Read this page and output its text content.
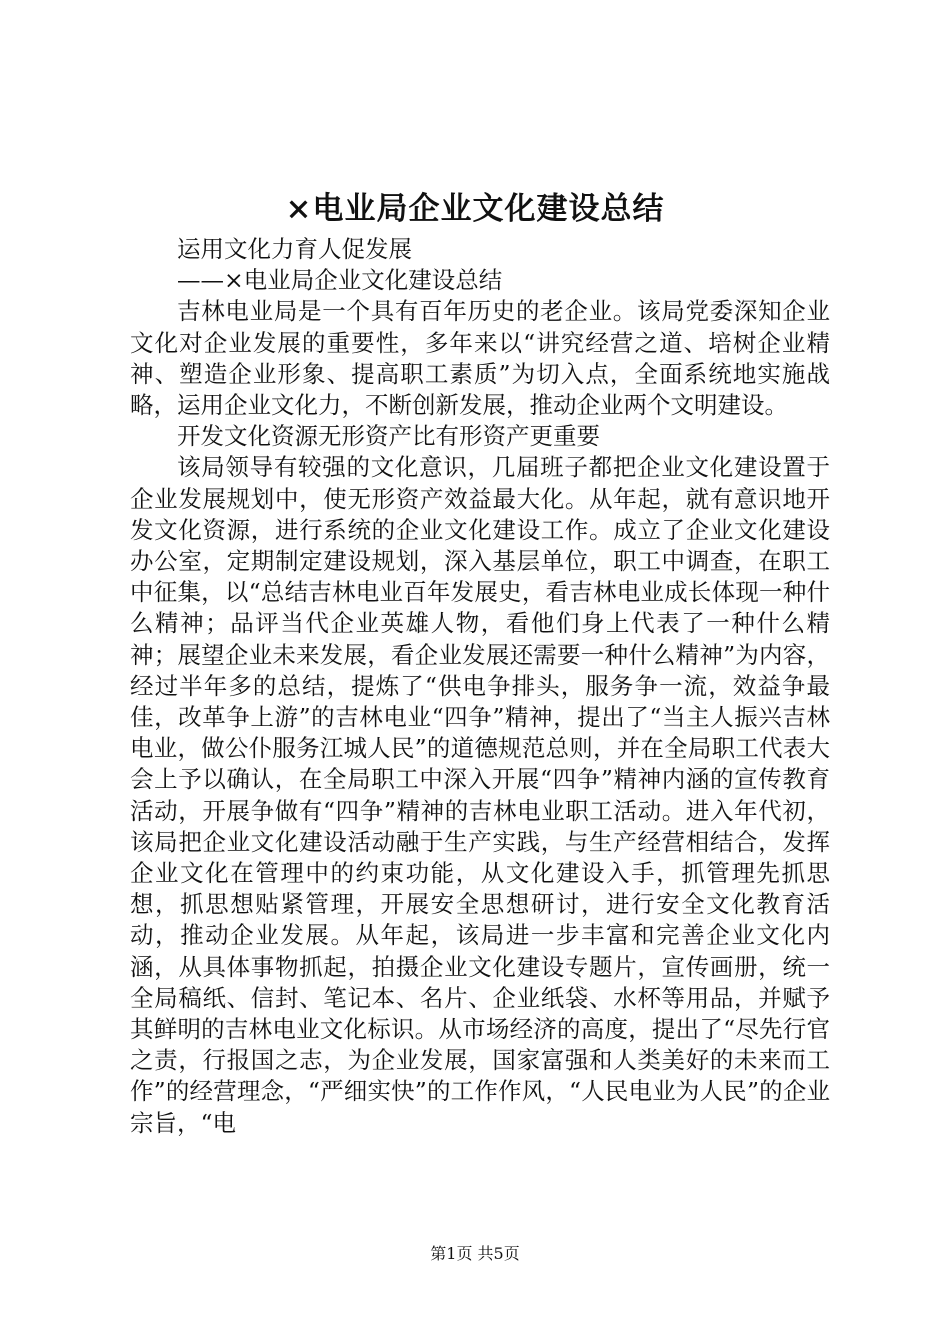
×电业局企业文化建设总结

运用文化力育人促发展

——×电业局企业文化建设总结

吉林电业局是一个具有百年历史的老企业。该局党委深知企业文化对企业发展的重要性，多年来以“讲究经营之道、培树企业精神、塑造企业形象、提高职工素质”为切入点，全面系统地实施战略，运用企业文化力，不断创新发展，推动企业两个文明建设。

开发文化资源无形资产比有形资产更重要

该局领导有较强的文化意识，几届班子都把企业文化建设置于企业发展规划中，使无形资产效益最大化。从年起，就有意识地开发文化资源，进行系统的企业文化建设工作。成立了企业文化建设办公室，定期制定建设规划，深入基层单位，职工中调查，在职工中征集，以“总结吉林电业百年发展史，看吉林电业成长体现一种什么精神；品评当代企业英雄人物，看他们身上代表了一种什么精神；展望企业未来发展，看企业发展还需要一种什么精神”为内容，经过半年多的总结，提炼了“供电争排头，服务争一流，效益争最佳，改革争上游”的吉林电业“四争”精神，提出了“当主人振兴吉林电业，做公仆服务江城人民”的道德规范总则，并在全局职工代表大会上予以确认，在全局职工中深入开展“四争”精神内涵的宣传教育活动，开展争做有“四争”精神的吉林电业职工活动。进入年代初，该局把企业文化建设活动融于生产实践，与生产经营相结合，发挥企业文化在管理中的约束功能，从文化建设入手，抓管理先抓思想，抓思想贴紧管理，开展安全思想研讨，进行安全文化教育活动，推动企业发展。从年起，该局进一步丰富和完善企业文化内涵，从具体事物抓起，拍摄企业文化建设专题片，宣传画册，统一全局稿纸、信封、笔记本、名片、企业纸袋、水杯等用品，并赋予其鲜明的吉林电业文化标识。从市场经济的高度，提出了“尽先行官之责，行报国之志，为企业发展，国家富强和人类美好的未来而工作”的经营理念，“严细实快”的工作作风，“人民电业为人民”的企业宗旨，“电

第1页 共5页
